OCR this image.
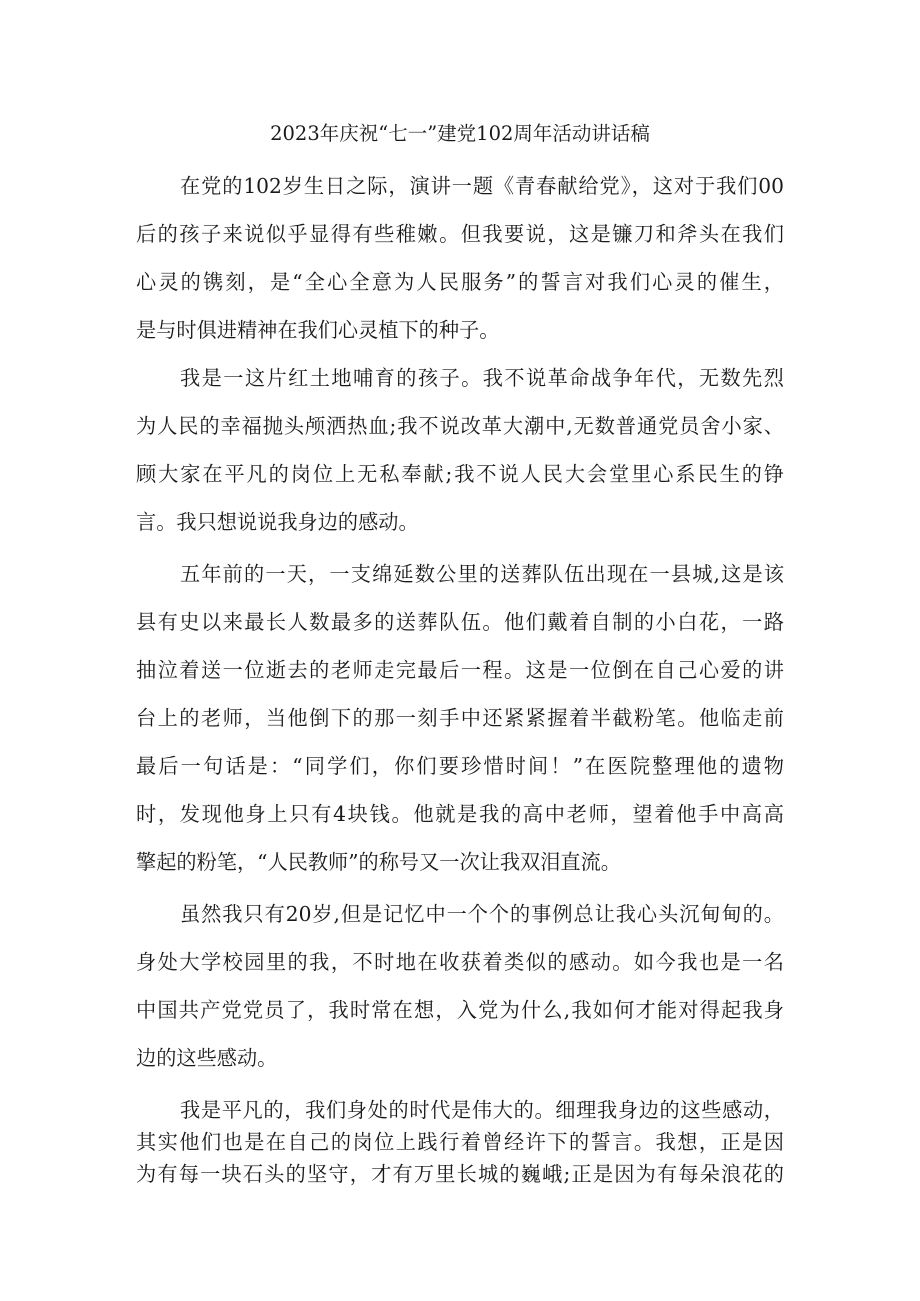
2023年庆祝“七一”建党102周年活动讲话稿
在党的102岁生日之际，演讲一题《青春献给党》，这对于我们00
后的孩子来说似乎显得有些稚嫩。但我要说，这是镰刀和斧头在我们
心灵的镌刻，是“全心全意为人民服务”的誓言对我们心灵的催生，
是与时俱进精神在我们心灵植下的种子。
我是一这片红土地哺育的孩子。我不说革命战争年代，无数先烈
为人民的幸福抛头颅洒热血;我不说改革大潮中,无数普通党员舍小家、
顾大家在平凡的岗位上无私奉献;我不说人民大会堂里心系民生的铮
言。我只想说说我身边的感动。
五年前的一天，一支绵延数公里的送葬队伍出现在一县城,这是该
县有史以来最长人数最多的送葬队伍。他们戴着自制的小白花，一路
抽泣着送一位逝去的老师走完最后一程。这是一位倒在自己心爱的讲
台上的老师，当他倒下的那一刻手中还紧紧握着半截粉笔。他临走前
最后一句话是：“同学们，你们要珍惜时间！”在医院整理他的遗物
时，发现他身上只有4块钱。他就是我的高中老师，望着他手中高高
擎起的粉笔，“人民教师”的称号又一次让我双泪直流。
虽然我只有20岁,但是记忆中一个个的事例总让我心头沉甸甸的。
身处大学校园里的我，不时地在收获着类似的感动。如今我也是一名
中国共产党党员了，我时常在想，入党为什么,我如何才能对得起我身
边的这些感动。
我是平凡的，我们身处的时代是伟大的。细理我身边的这些感动，
其实他们也是在自己的岗位上践行着曾经许下的誓言。我想，正是因
为有每一块石头的坚守，才有万里长城的巍峨;正是因为有每朵浪花的
